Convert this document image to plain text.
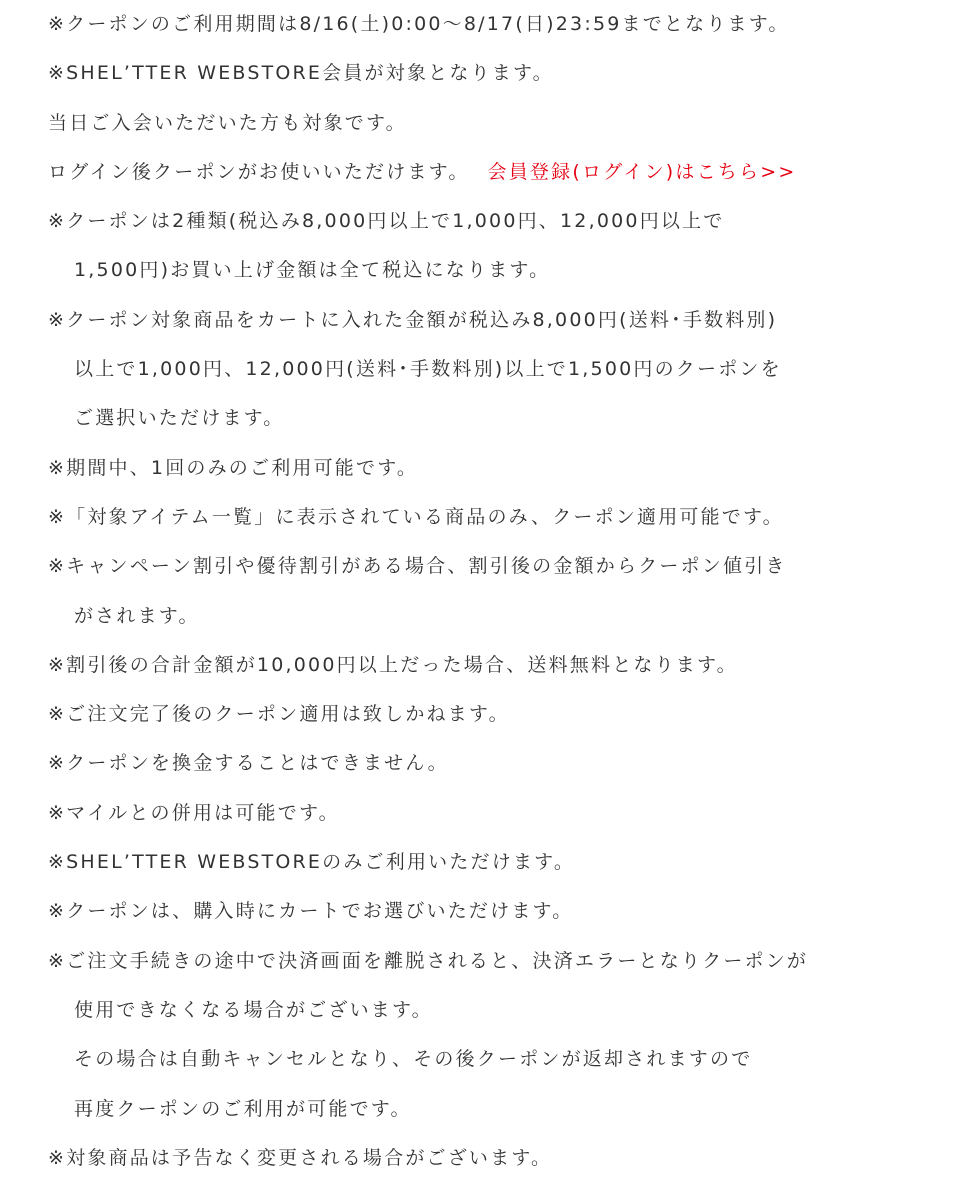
※クーポンのご利用期間は8/16(土)0:00〜8/17(日)23:59までとなります。
※SHEL’TTER WEBSTORE会員が対象となります。
当日ご入会いただいた方も対象です。
ログイン後クーポンがお使いいただけます。 会員登録(ログイン)はこちら>>
※クーポンは2種類(税込み8,000円以上で1,000円、12,000円以上で
1,500円)お買い上げ金額は全て税込になります。
※クーポン対象商品をカートに入れた金額が税込み8,000円(送料･手数料別)
以上で1,000円、12,000円(送料･手数料別)以上で1,500円のクーポンを
ご選択いただけます。
※期間中、1回のみのご利用可能です。
※「対象アイテム一覧」に表示されている商品のみ、クーポン適用可能です。
※キャンペーン割引や優待割引がある場合、割引後の金額からクーポン値引き
がされます。
※割引後の合計金額が10,000円以上だった場合、送料無料となります。
※ご注文完了後のクーポン適用は致しかねます。
※クーポンを換金することはできません。
※マイルとの併用は可能です。
※SHEL’TTER WEBSTOREのみご利用いただけます。
※クーポンは、購入時にカートでお選びいただけます。
※ご注文手続きの途中で決済画面を離脱されると、決済エラーとなりクーポンが
使用できなくなる場合がございます。
その場合は自動キャンセルとなり、その後クーポンが返却されますので
再度クーポンのご利用が可能です。
※対象商品は予告なく変更される場合がございます。
